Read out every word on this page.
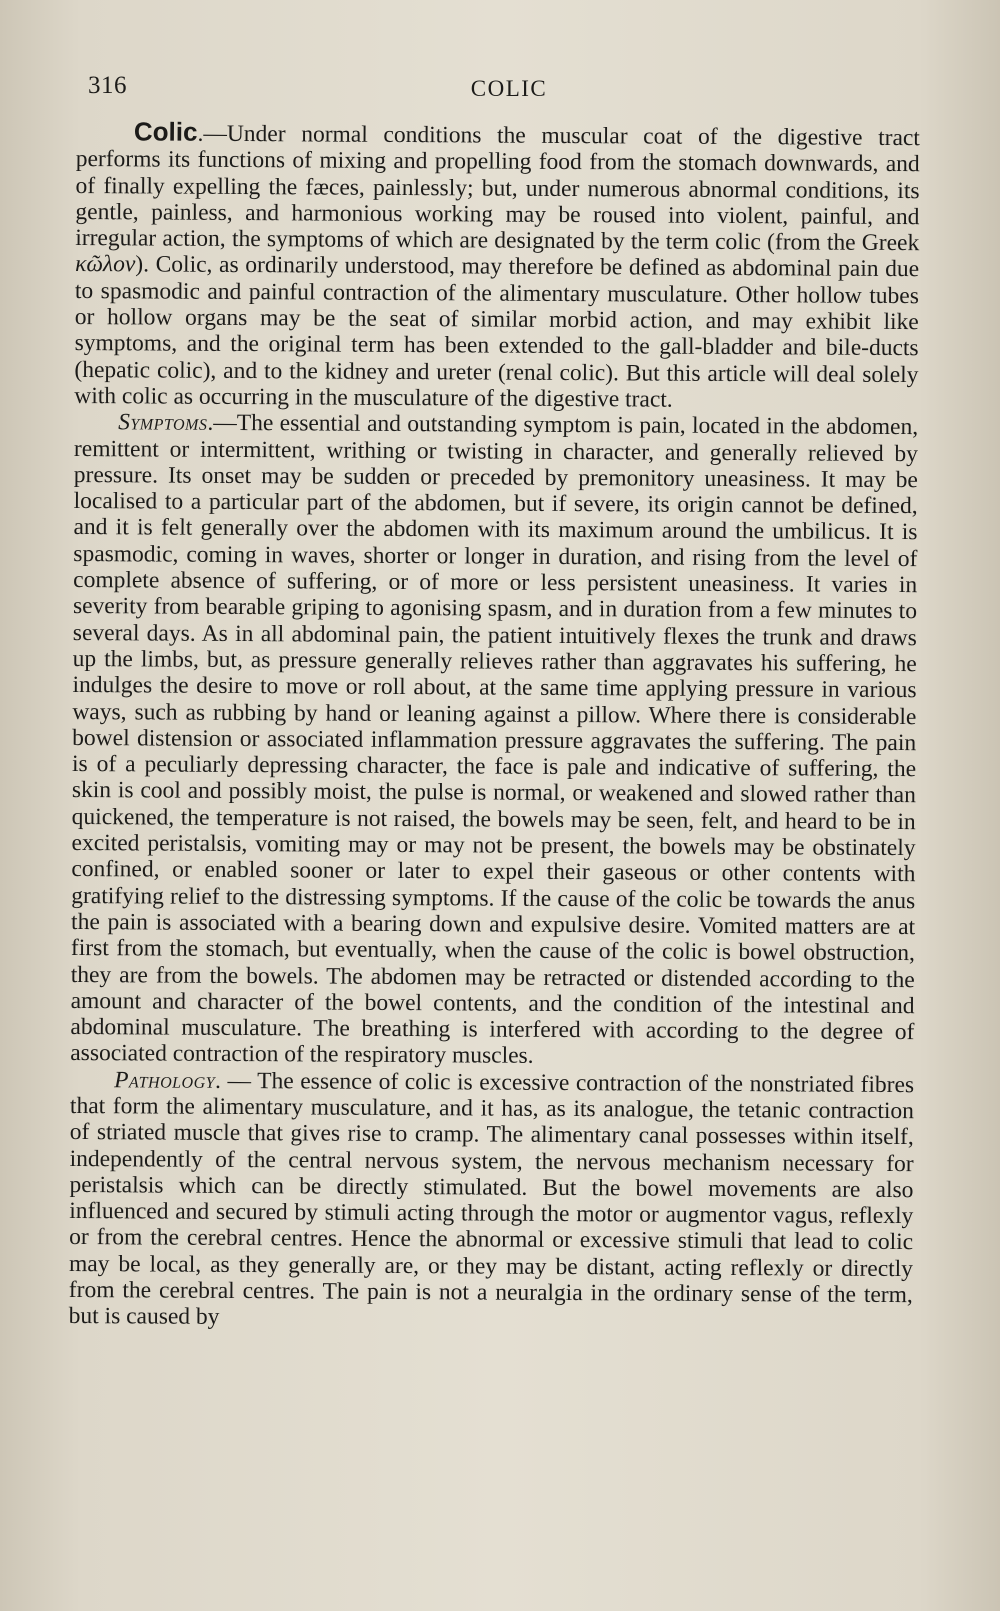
316	COLIC

Colic.—Under normal conditions the muscular coat of the digestive tract performs its functions of mixing and propelling food from the stomach downwards, and of finally expelling the fæces, painlessly; but, under numerous abnormal conditions, its gentle, painless, and harmonious working may be roused into violent, painful, and irregular action, the symptoms of which are designated by the term colic (from the Greek κῶλον). Colic, as ordinarily understood, may therefore be defined as abdominal pain due to spasmodic and painful contraction of the alimentary musculature. Other hollow tubes or hollow organs may be the seat of similar morbid action, and may exhibit like symptoms, and the original term has been extended to the gall-bladder and bile-ducts (hepatic colic), and to the kidney and ureter (renal colic). But this article will deal solely with colic as occurring in the musculature of the digestive tract.

Symptoms.—The essential and outstanding symptom is pain, located in the abdomen, remittent or intermittent, writhing or twisting in character, and generally relieved by pressure. Its onset may be sudden or preceded by premonitory uneasiness. It may be localised to a particular part of the abdomen, but if severe, its origin cannot be defined, and it is felt generally over the abdomen with its maximum around the umbilicus. It is spasmodic, coming in waves, shorter or longer in duration, and rising from the level of complete absence of suffering, or of more or less persistent uneasiness. It varies in severity from bearable griping to agonising spasm, and in duration from a few minutes to several days. As in all abdominal pain, the patient intuitively flexes the trunk and draws up the limbs, but, as pressure generally relieves rather than aggravates his suffering, he indulges the desire to move or roll about, at the same time applying pressure in various ways, such as rubbing by hand or leaning against a pillow. Where there is considerable bowel distension or associated inflammation pressure aggravates the suffering. The pain is of a peculiarly depressing character, the face is pale and indicative of suffering, the skin is cool and possibly moist, the pulse is normal, or weakened and slowed rather than quickened, the temperature is not raised, the bowels may be seen, felt, and heard to be in excited peristalsis, vomiting may or may not be present, the bowels may be obstinately confined, or enabled sooner or later to expel their gaseous or other contents with gratifying relief to the distressing symptoms. If the cause of the colic be towards the anus the pain is associated with a bearing down and expulsive desire. Vomited matters are at first from the stomach, but eventually, when the cause of the colic is bowel obstruction, they are from the bowels. The abdomen may be retracted or distended according to the amount and character of the bowel contents, and the condition of the intestinal and abdominal musculature. The breathing is interfered with according to the degree of associated contraction of the respiratory muscles.

Pathology. — The essence of colic is excessive contraction of the nonstriated fibres that form the alimentary musculature, and it has, as its analogue, the tetanic contraction of striated muscle that gives rise to cramp. The alimentary canal possesses within itself, independently of the central nervous system, the nervous mechanism necessary for peristalsis which can be directly stimulated. But the bowel movements are also influenced and secured by stimuli acting through the motor or augmentor vagus, reflexly or from the cerebral centres. Hence the abnormal or excessive stimuli that lead to colic may be local, as they generally are, or they may be distant, acting reflexly or directly from the cerebral centres. The pain is not a neuralgia in the ordinary sense of the term, but is caused by
